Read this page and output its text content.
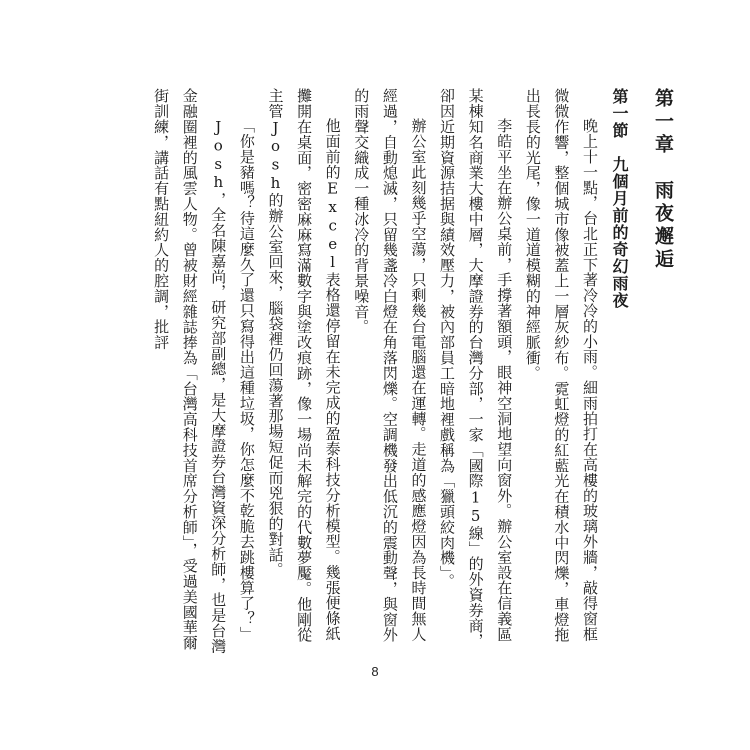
第一章　雨夜邂逅
第一節　九個月前的奇幻雨夜

晚上十一點，台北正下著冷冷的小雨。細雨拍打在高樓的玻璃外牆，敲得窗框微微作響，整個城市像被蓋上一層灰紗布。霓虹燈的紅藍光在積水中閃爍，車燈拖出長長的光尾，像一道道模糊的神經脈衝。

李皓平坐在辦公桌前，手撐著額頭，眼神空洞地望向窗外。辦公室設在信義區某棟知名商業大樓中層，大摩證券的台灣分部，一家「國際15線」的外資券商，卻因近期資源拮据與績效壓力，被內部員工暗地裡戲稱為「獵頭絞肉機」。

辦公室此刻幾乎空蕩，只剩幾台電腦還在運轉。走道的感應燈因為長時間無人經過，自動熄滅，只留幾盞冷白燈在角落閃爍。空調機發出低沉的震動聲，與窗外的雨聲交織成一種冰冷的背景噪音。

他面前的Excel表格還停留在未完成的盈泰科技分析模型。幾張便條紙攤開在桌面，密密麻麻寫滿數字與塗改痕跡，像一場尚未解完的代數夢魘。他剛從主管Josh的辦公室回來，腦袋裡仍回蕩著那場短促而兇狠的對話。

「你是豬嗎？待這麼久了還只寫得出這種垃圾，你怎麼不乾脆去跳樓算了？」

Josh，全名陳嘉尚，研究部副總，是大摩證券台灣資深分析師，也是台灣金融圈裡的風雲人物。曾被財經雜誌捧為「台灣高科技首席分析師」，受過美國華爾街訓練，講話有點紐約人的腔調，批評

8
